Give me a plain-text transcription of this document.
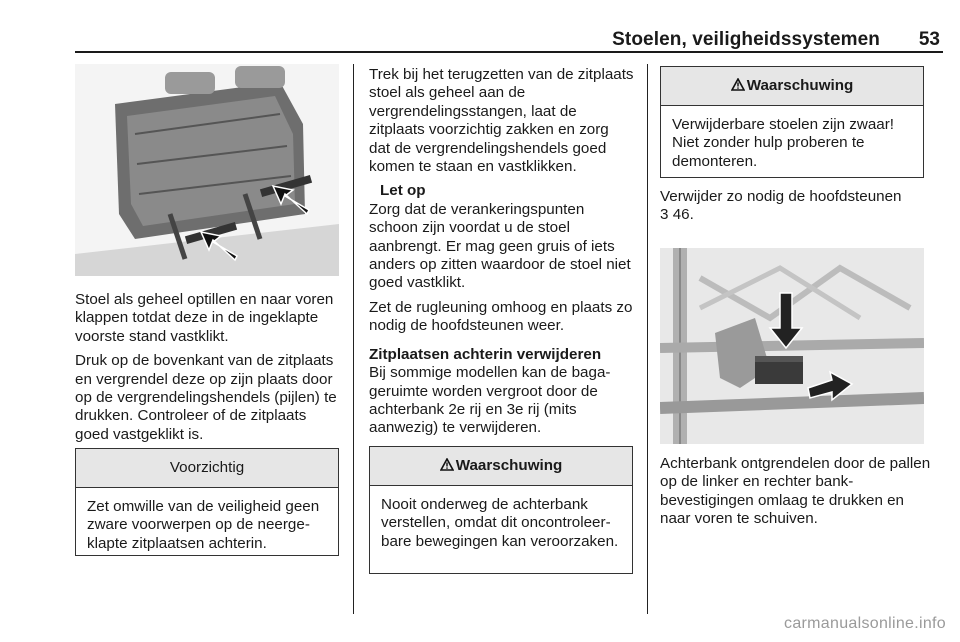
Stoelen, veiligheidssystemen	53

Stoel als geheel optillen en naar voren klappen totdat deze in de ingeklapte voorste stand vastklikt.

Druk op de bovenkant van de zitplaats en vergrendel deze op zijn plaats door op de vergrendelingshendels (pijlen) te drukken. Controleer of de zitplaats goed vastgeklikt is.

Voorzichtig
Zet omwille van de veiligheid geen zware voorwerpen op de neergeklapte zitplaatsen achterin.

Trek bij het terugzetten van de zitplaats stoel als geheel aan de vergrendelingsstangen, laat de zitplaats voorzichtig zakken en zorg dat de vergrendelingshendels goed komen te staan en vastklikken.

Let op

Zorg dat de verankeringspunten schoon zijn voordat u de stoel aanbrengt. Er mag geen gruis of iets anders op zitten waardoor de stoel niet goed vastklikt.

Zet de rugleuning omhoog en plaats zo nodig de hoofdsteunen weer.

Zitplaatsen achterin verwijderen

Bij sommige modellen kan de bagageruimte worden vergroot door de achterbank 2e rij en 3e rij (mits aanwezig) te verwijderen.

Waarschuwing
Nooit onderweg de achterbank verstellen, omdat dit oncontroleerbare bewegingen kan veroorzaken.
Waarschuwing
Verwijderbare stoelen zijn zwaar! Niet zonder hulp proberen te demonteren.
Verwijder zo nodig de hoofdsteunen
3 46.

Achterbank ontgrendelen door de pallen op de linker en rechter bankbevestigingen omlaag te drukken en naar voren te schuiven.

carmanualsonline.info
